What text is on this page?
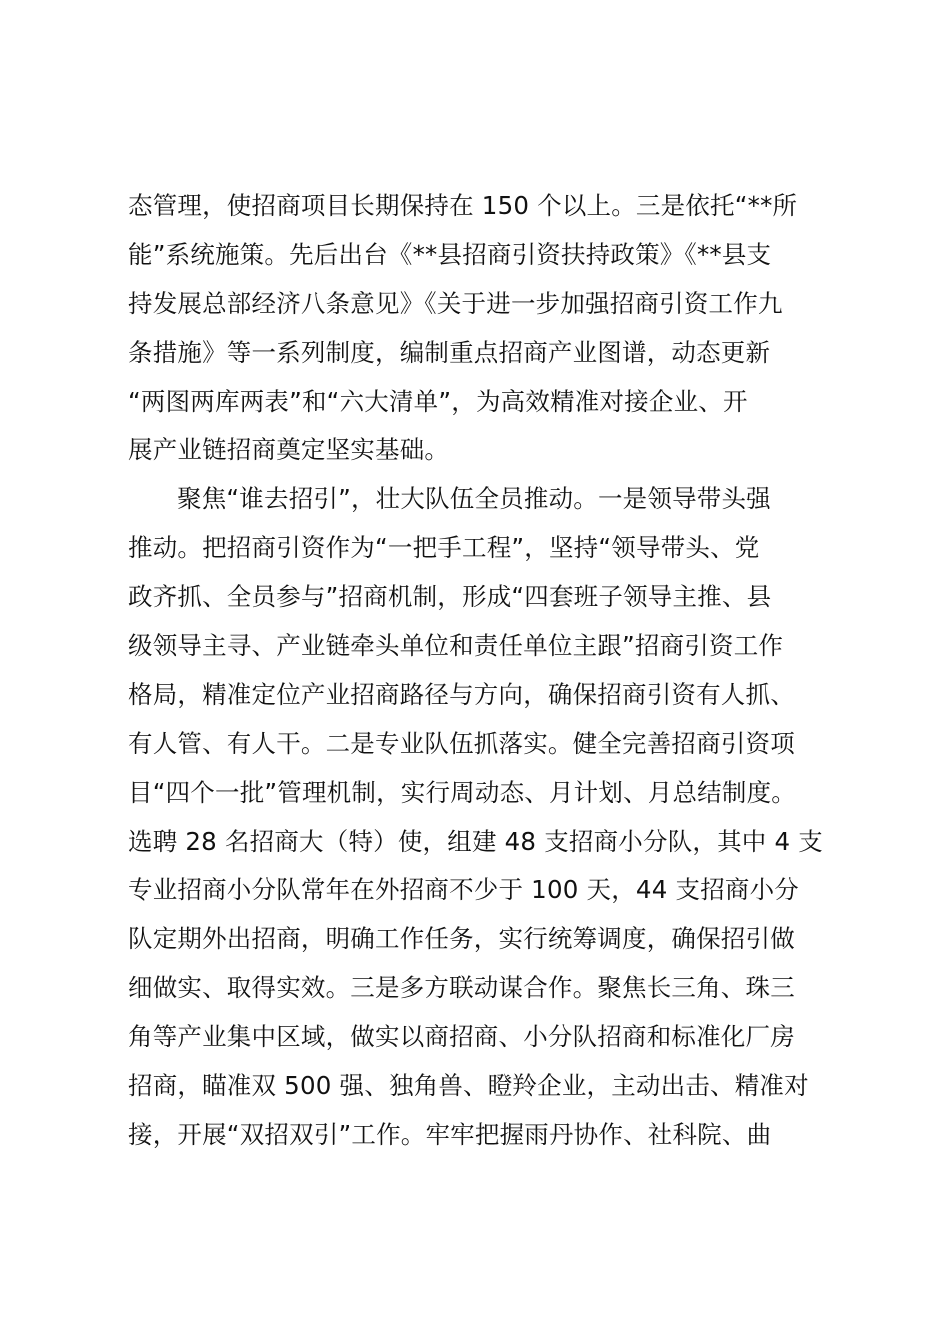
态管理，使招商项目长期保持在 150 个以上。三是依托“**所
能”系统施策。先后出台《**县招商引资扶持政策》《**县支
持发展总部经济八条意见》《关于进一步加强招商引资工作九
条措施》等一系列制度，编制重点招商产业图谱，动态更新
“两图两库两表”和“六大清单”，为高效精准对接企业、开
展产业链招商奠定坚实基础。
聚焦“谁去招引”，壮大队伍全员推动。一是领导带头强
推动。把招商引资作为“一把手工程”，坚持“领导带头、党
政齐抓、全员参与”招商机制，形成“四套班子领导主推、县
级领导主寻、产业链牵头单位和责任单位主跟”招商引资工作
格局，精准定位产业招商路径与方向，确保招商引资有人抓、
有人管、有人干。二是专业队伍抓落实。健全完善招商引资项
目“四个一批”管理机制，实行周动态、月计划、月总结制度。
选聘 28 名招商大（特）使，组建 48 支招商小分队，其中 4 支
专业招商小分队常年在外招商不少于 100 天，44 支招商小分
队定期外出招商，明确工作任务，实行统筹调度，确保招引做
细做实、取得实效。三是多方联动谋合作。聚焦长三角、珠三
角等产业集中区域，做实以商招商、小分队招商和标准化厂房
招商，瞄准双 500 强、独角兽、瞪羚企业，主动出击、精准对
接，开展“双招双引”工作。牢牢把握雨丹协作、社科院、曲
